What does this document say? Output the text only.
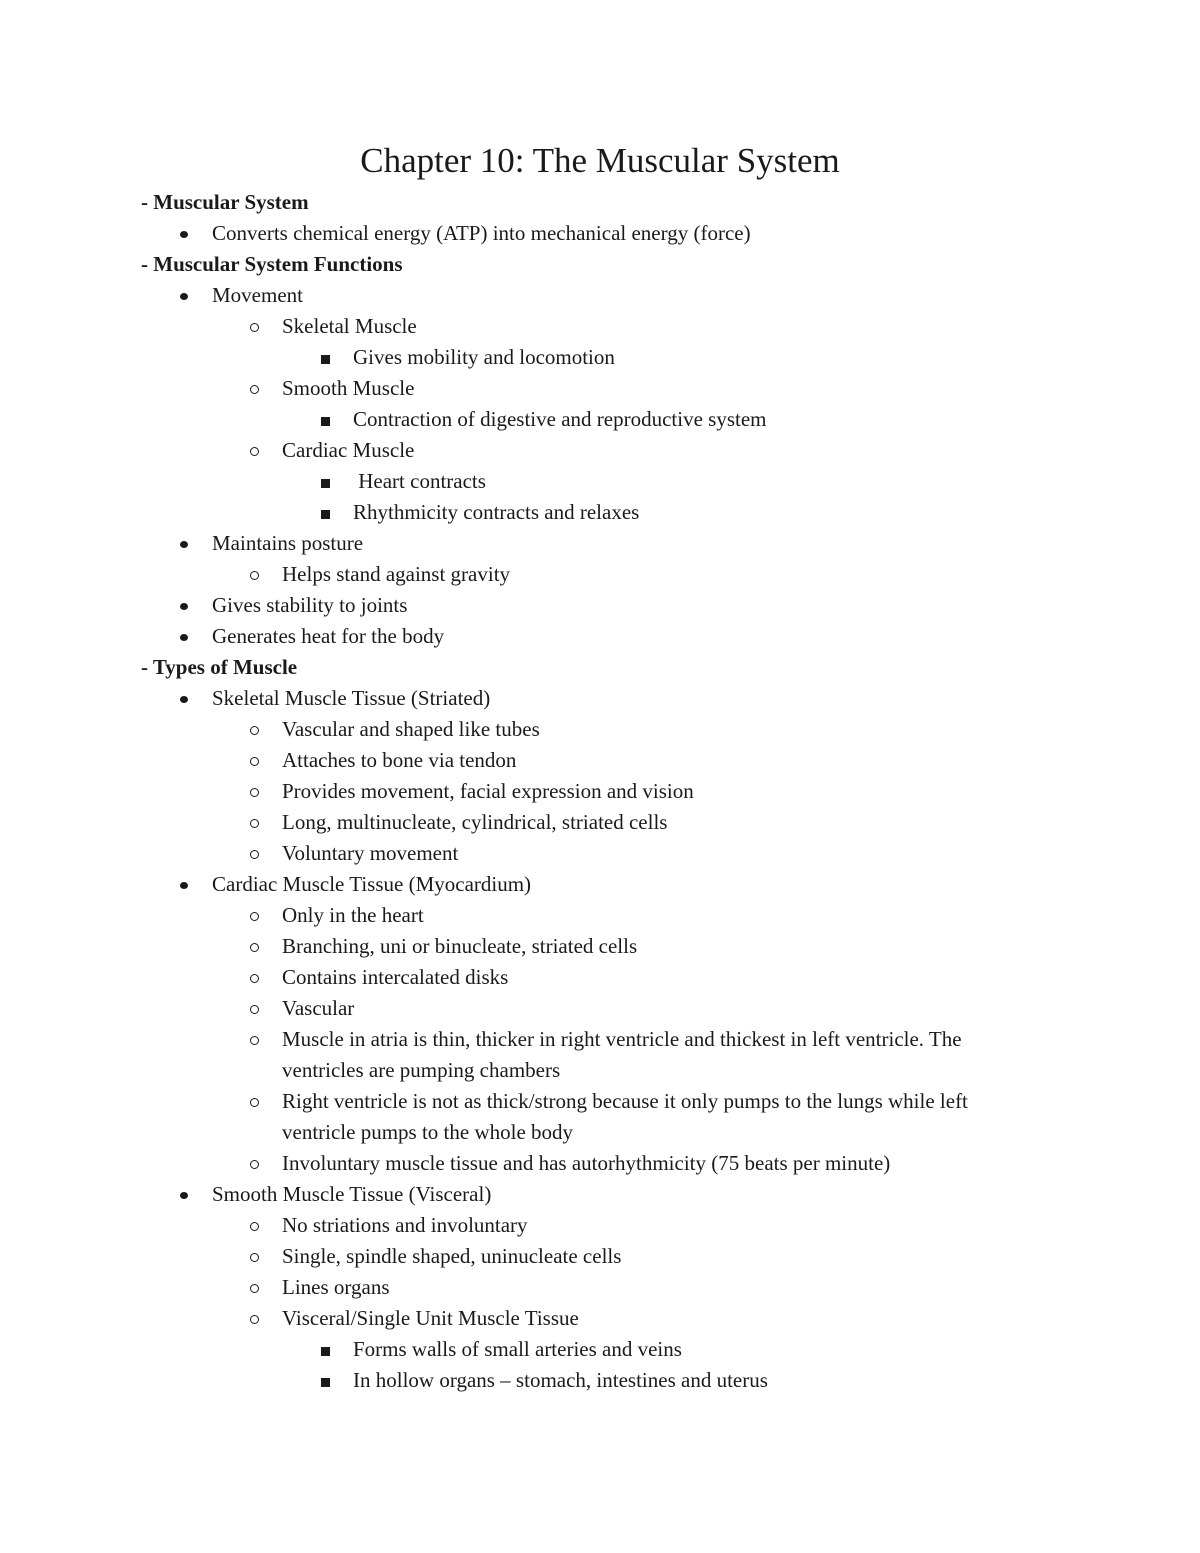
Chapter 10: The Muscular System
- Muscular System
Converts chemical energy (ATP) into mechanical energy (force)
- Muscular System Functions
Movement
Skeletal Muscle
Gives mobility and locomotion
Smooth Muscle
Contraction of digestive and reproductive system
Cardiac Muscle
Heart contracts
Rhythmicity contracts and relaxes
Maintains posture
Helps stand against gravity
Gives stability to joints
Generates heat for the body
- Types of Muscle
Skeletal Muscle Tissue (Striated)
Vascular and shaped like tubes
Attaches to bone via tendon
Provides movement, facial expression and vision
Long, multinucleate, cylindrical, striated cells
Voluntary movement
Cardiac Muscle Tissue (Myocardium)
Only in the heart
Branching, uni or binucleate, striated cells
Contains intercalated disks
Vascular
Muscle in atria is thin, thicker in right ventricle and thickest in left ventricle. The
ventricles are pumping chambers
Right ventricle is not as thick/strong because it only pumps to the lungs while left
ventricle pumps to the whole body
Involuntary muscle tissue and has autorhythmicity (75 beats per minute)
Smooth Muscle Tissue (Visceral)
No striations and involuntary
Single, spindle shaped, uninucleate cells
Lines organs
Visceral/Single Unit Muscle Tissue
Forms walls of small arteries and veins
In hollow organs – stomach, intestines and uterus
